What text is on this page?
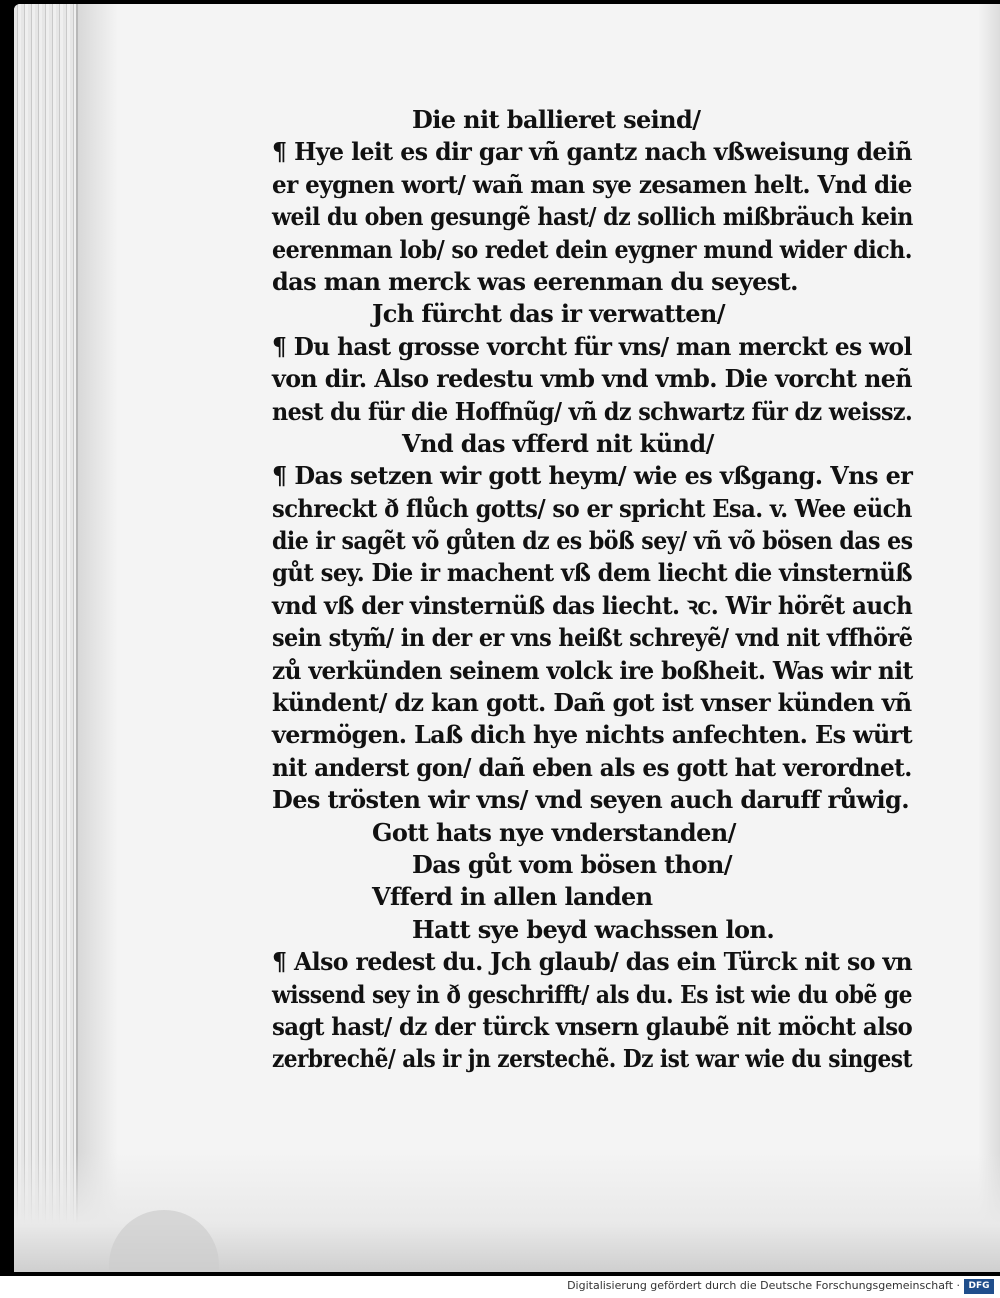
Die nit ballieret seind/
¶ Hye leit es dir gar vñ gantz nach vßweisung deiñ
er eygnen wort/ wañ man sye zesamen helt. Vnd die
weil du oben gesungẽ hast/ dz sollich mißbräuch kein
eerenman lob/ so redet dein eygner mund wider dich.
das man merck was eerenman du seyest.
Jch fürcht das ir verwatten/
¶ Du hast grosse vorcht für vns/ man merckt es wol
von dir. Also redestu vmb vnd vmb. Die vorcht neñ
nest du für die Hoffnũg/ vñ dz schwartz für dz weissz.
Vnd das vfferd nit künd/
¶ Das setzen wir gott heym/ wie es vßgang. Vns er
schreckt ð flůch gotts/ so er spricht Esa. v. Wee eüch
die ir sagẽt võ gůten dz es böß sey/ vñ võ bösen das es
gůt sey. Die ir machent vß dem liecht die vinsternüß
vnd vß der vinsternüß das liecht. ꝛc. Wir hörẽt auch
sein stym̃/ in der er vns heißt schreyẽ/ vnd nit vffhörẽ
zů verkünden seinem volck ire boßheit. Was wir nit
kündent/ dz kan gott. Dañ got ist vnser künden vñ
vermögen. Laß dich hye nichts anfechten. Es würt
nit anderst gon/ dañ eben als es gott hat verordnet.
Des trösten wir vns/ vnd seyen auch daruff růwig.
Gott hats nye vnderstanden/
Das gůt vom bösen thon/
Vfferd in allen landen
Hatt sye beyd wachssen lon.
¶ Also redest du. Jch glaub/ das ein Türck nit so vn
wissend sey in ð geschrifft/ als du. Es ist wie du obẽ ge
sagt hast/ dz der türck vnsern glaubẽ nit möcht also
zerbrechẽ/ als ir jn zerstechẽ. Dz ist war wie du singest
Digitalisierung gefördert durch die Deutsche Forschungsgemeinschaft · DFG
